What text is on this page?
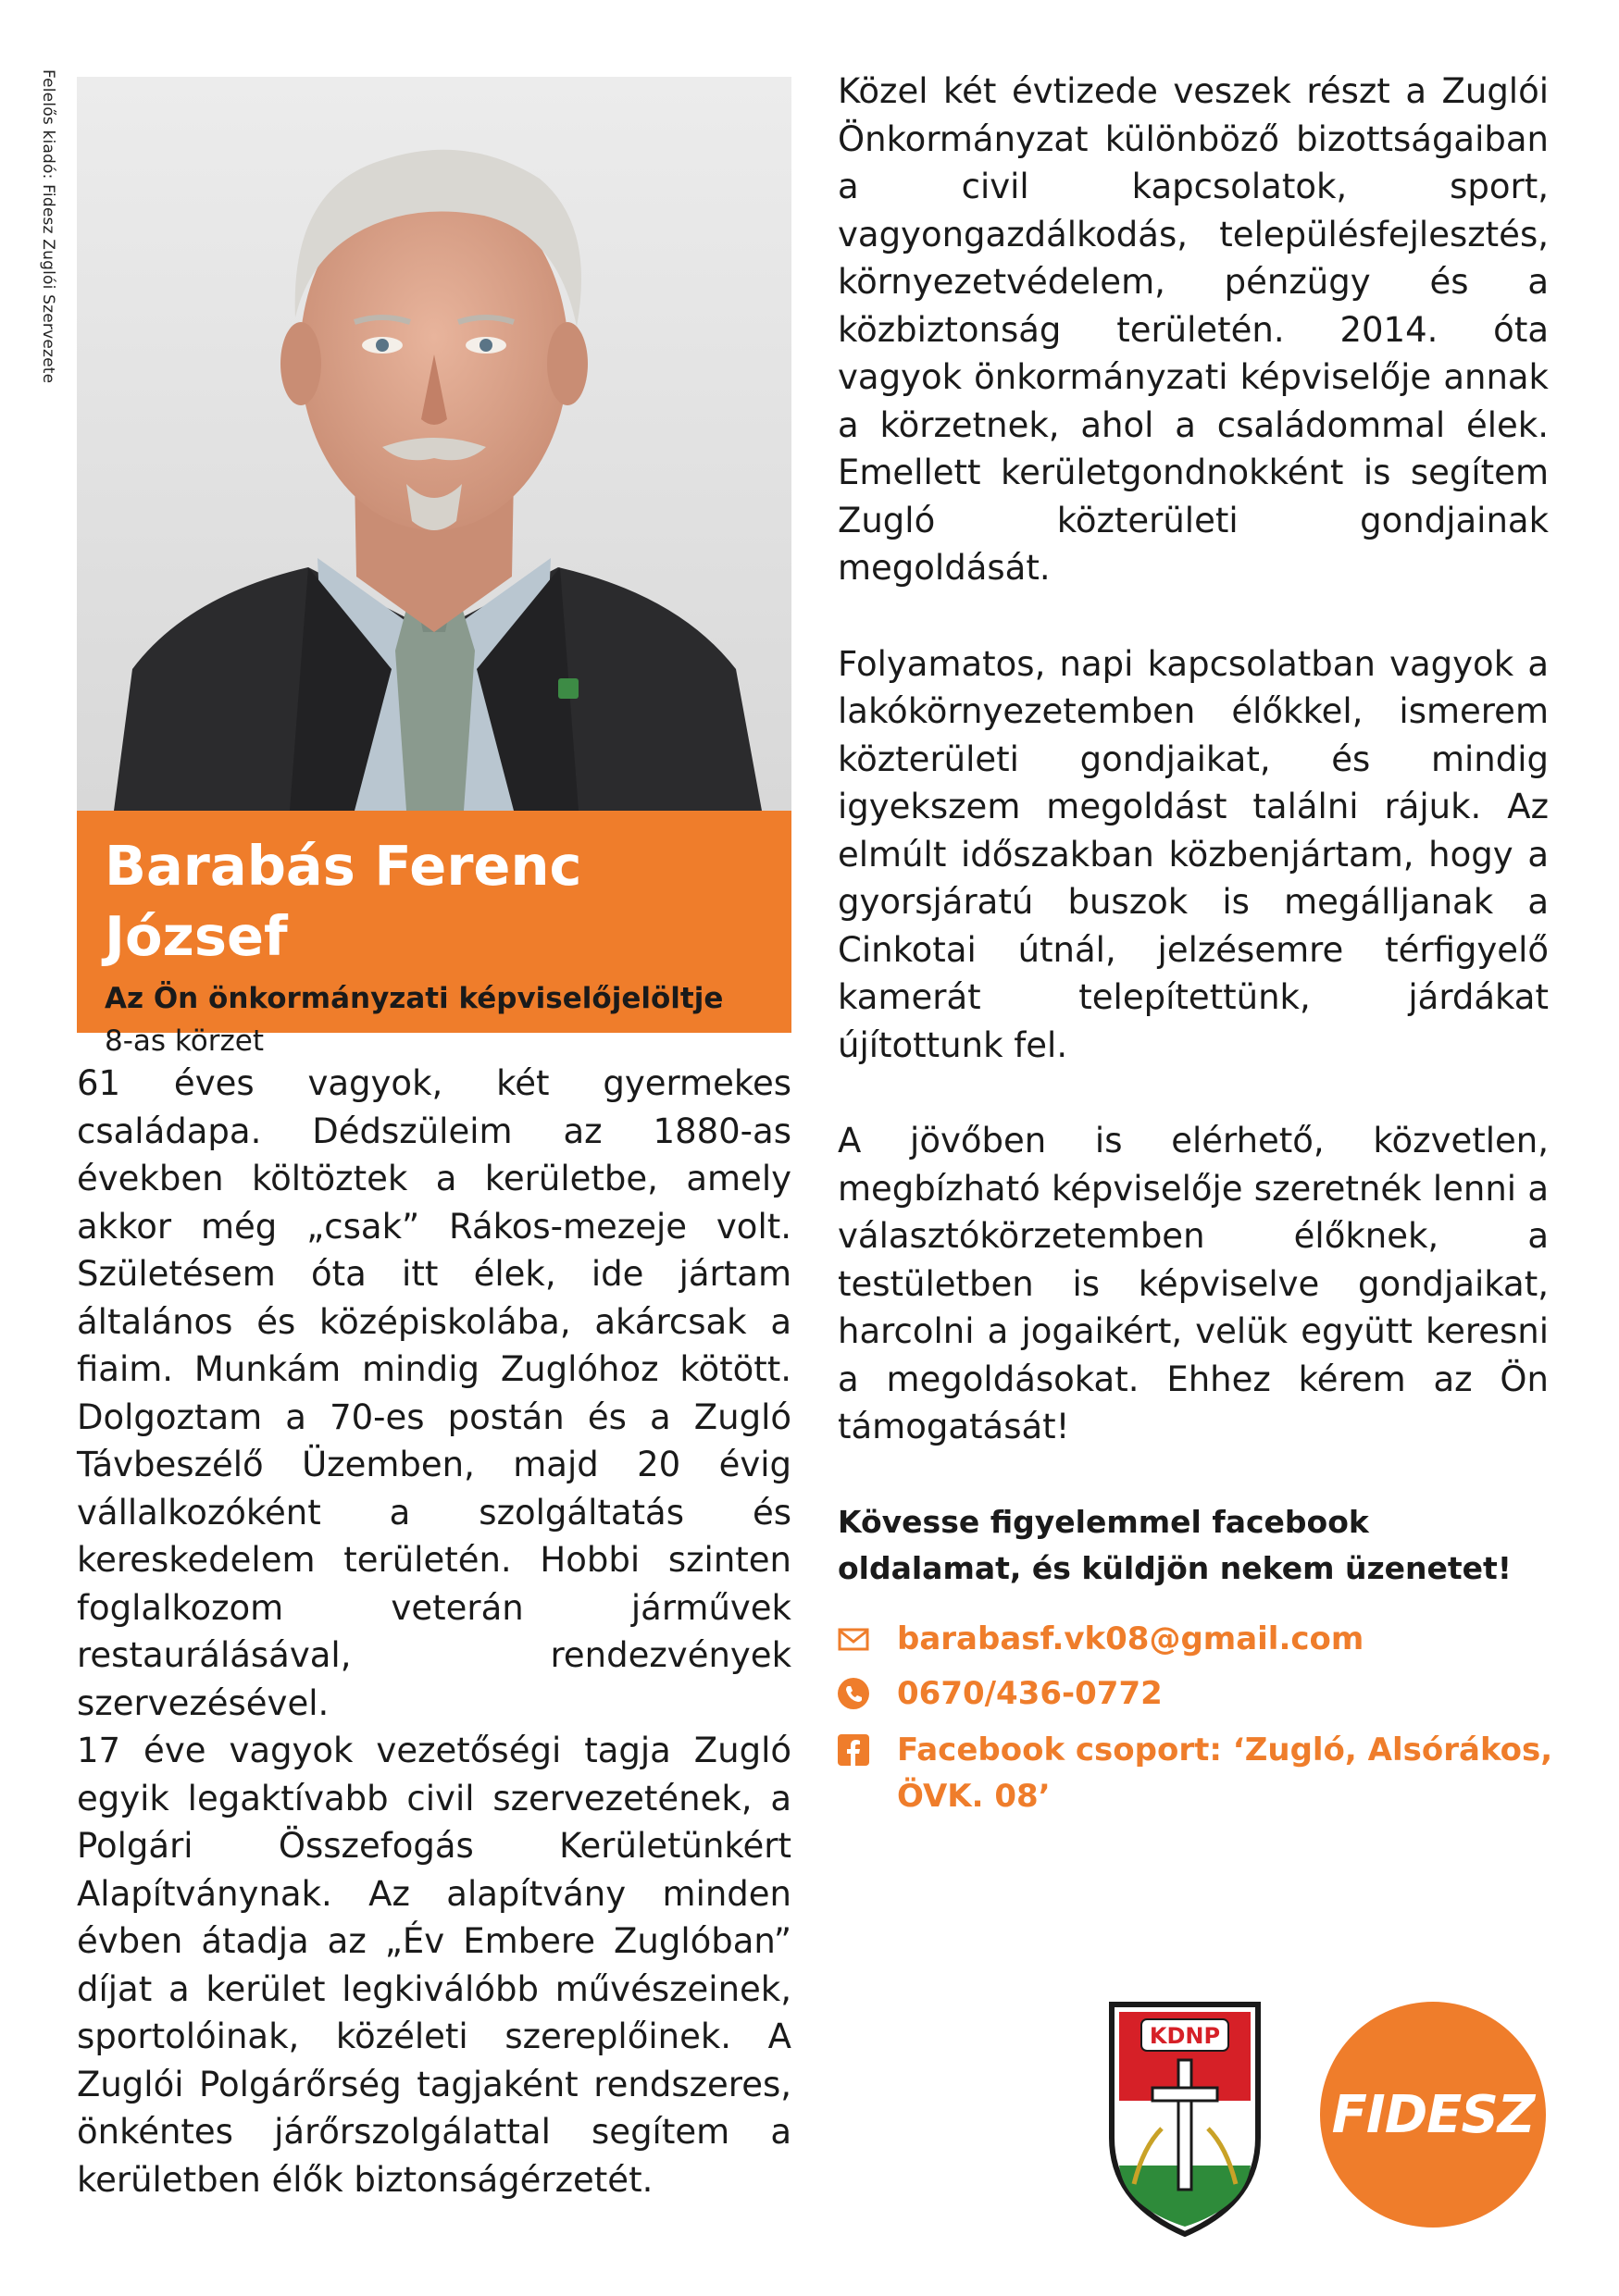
Felelős kiadó: Fidesz Zuglói Szervezete
Barabás Ferenc József
Az Ön önkormányzati képviselőjelöltje
8-as körzet

61 éves vagyok, két gyermekes családapa. Dédszüleim az 1880-as években költöztek a kerületbe, amely akkor még „csak” Rákos-mezeje volt. Születésem óta itt élek, ide jártam általános és középiskolába, akárcsak a fiaim. Munkám mindig Zuglóhoz kötött. Dolgoztam a 70-es postán és a Zugló Távbeszélő Üzemben, majd 20 évig vállalkozóként a szolgáltatás és kereskedelem területén. Hobbi szinten foglalkozom veterán járművek restaurálásával, rendezvények szervezésével.

17 éve vagyok vezetőségi tagja Zugló egyik legaktívabb civil szervezetének, a Polgári Összefogás Kerületünkért Alapítványnak. Az alapítvány minden évben átadja az „Év Embere Zuglóban” díjat a kerület legkiválóbb művészeinek, sportolóinak, közéleti szereplőinek. A Zuglói Polgárőrség tagjaként rendszeres, önkéntes járőrszolgálattal segítem a kerületben élők biztonságérzetét.

Közel két évtizede veszek részt a Zuglói Önkormányzat különböző bizottságaiban a civil kapcsolatok, sport, vagyongazdálkodás, településfejlesztés, környezetvédelem, pénzügy és a közbiztonság területén. 2014. óta vagyok önkormányzati képviselője annak a körzetnek, ahol a családommal élek. Emellett kerületgondnokként is segítem Zugló közterületi gondjainak megoldását.

Folyamatos, napi kapcsolatban vagyok a lakókörnyezetemben élőkkel, ismerem közterületi gondjaikat, és mindig igyekszem megoldást találni rájuk. Az elmúlt időszakban közbenjártam, hogy a gyorsjáratú buszok is megálljanak a Cinkotai útnál, jelzésemre térfigyelő kamerát telepítettünk, járdákat újítottunk fel.

A jövőben is elérhető, közvetlen, megbízható képviselője szeretnék lenni a választókörzetemben élőknek, a testületben is képviselve gondjaikat, harcolni a jogaikért, velük együtt keresni a megoldásokat. Ehhez kérem az Ön támogatását!

Kövesse figyelemmel facebook oldalamat, és küldjön nekem üzenetet!
barabasf.vk08@gmail.com
0670/436-0772
Facebook csoport: ‘Zugló, Alsórákos, ÖVK. 08’
KDNP
FIDESZ
